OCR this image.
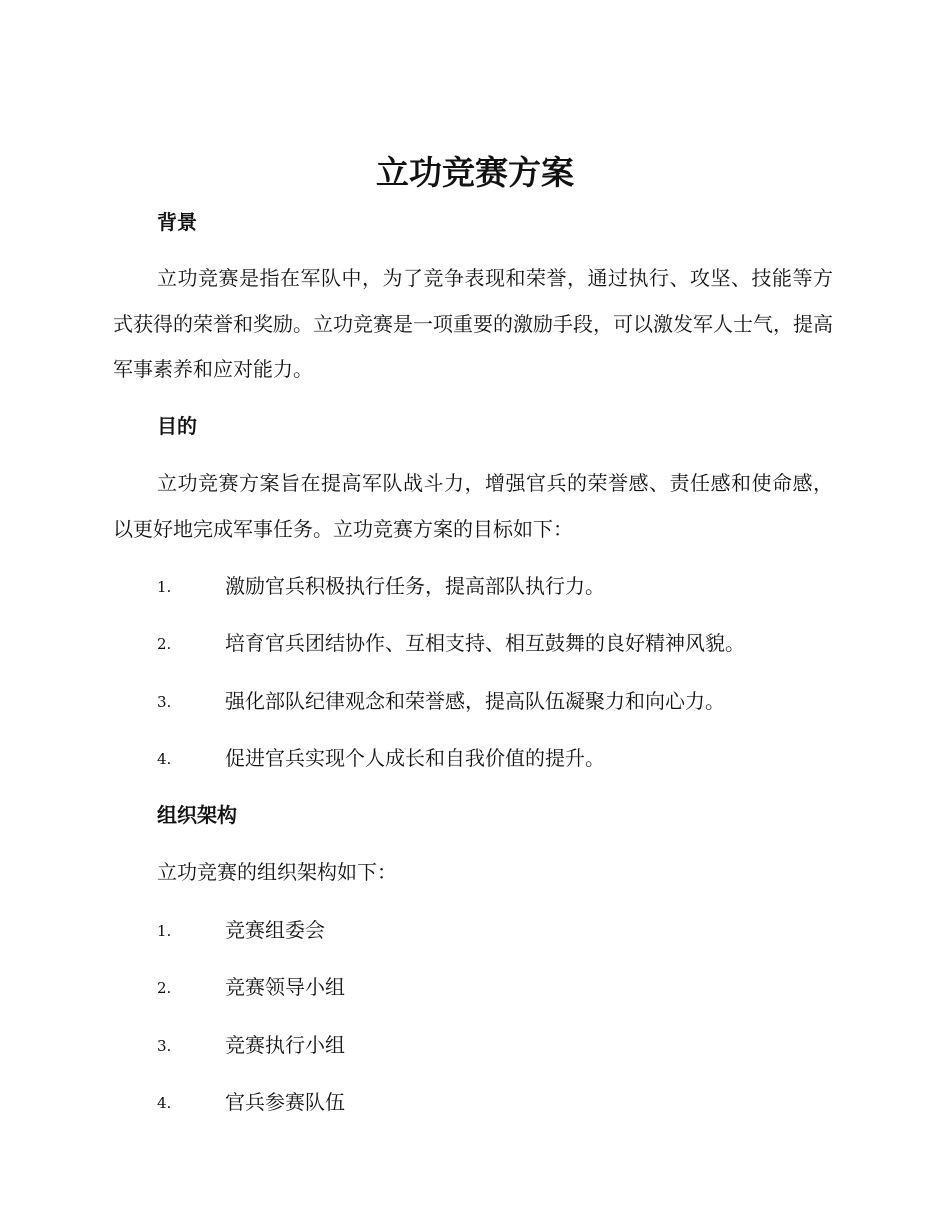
立功竞赛方案
背景
立功竞赛是指在军队中，为了竞争表现和荣誉，通过执行、攻坚、技能等方式获得的荣誉和奖励。立功竞赛是一项重要的激励手段，可以激发军人士气，提高军事素养和应对能力。
目的
立功竞赛方案旨在提高军队战斗力，增强官兵的荣誉感、责任感和使命感，以更好地完成军事任务。立功竞赛方案的目标如下：
1.	激励官兵积极执行任务，提高部队执行力。
2.	培育官兵团结协作、互相支持、相互鼓舞的良好精神风貌。
3.	强化部队纪律观念和荣誉感，提高队伍凝聚力和向心力。
4.	促进官兵实现个人成长和自我价值的提升。
组织架构
立功竞赛的组织架构如下：
1.	竞赛组委会
2.	竞赛领导小组
3.	竞赛执行小组
4.	官兵参赛队伍
